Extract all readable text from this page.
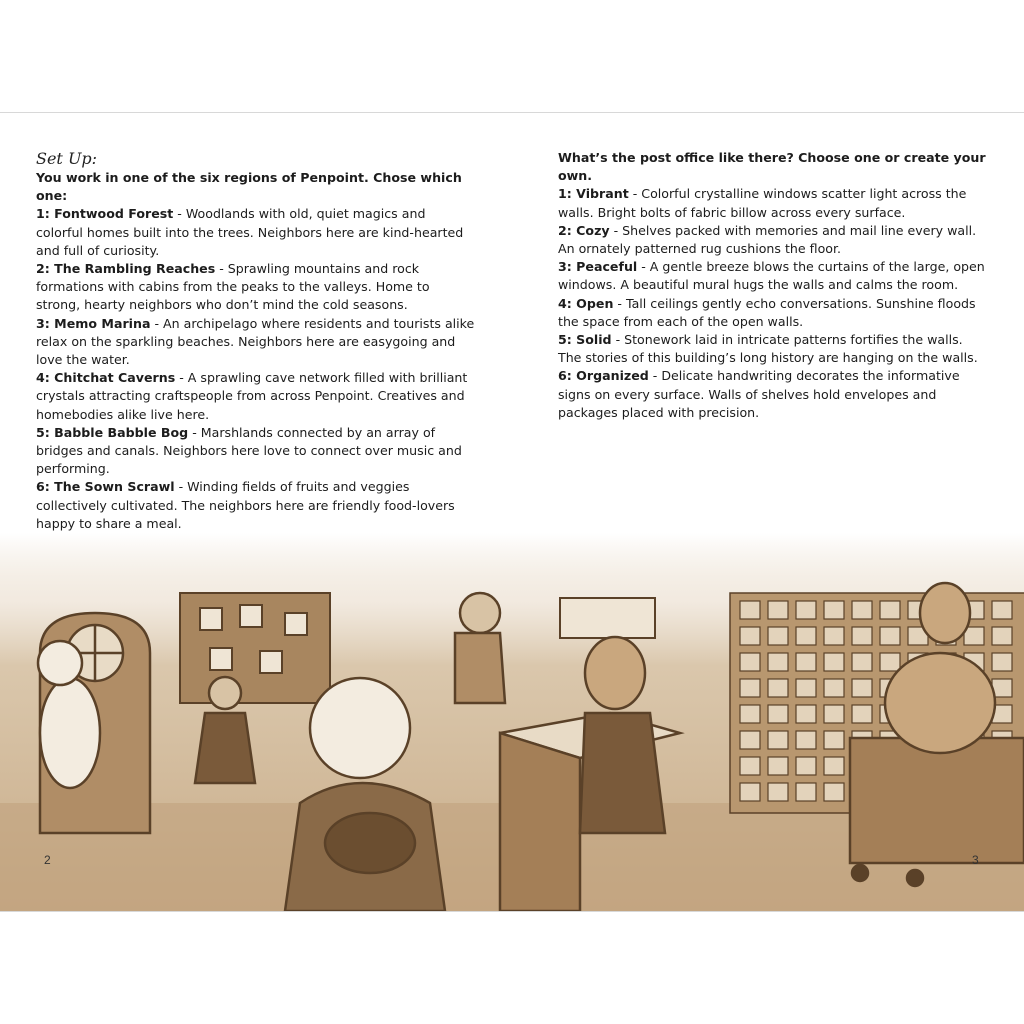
Set Up:
You work in one of the six regions of Penpoint. Chose which one:
1: Fontwood Forest - Woodlands with old, quiet magics and colorful homes built into the trees. Neighbors here are kind-hearted and full of curiosity.
2: The Rambling Reaches - Sprawling mountains and rock formations with cabins from the peaks to the valleys. Home to strong, hearty neighbors who don’t mind the cold seasons.
3: Memo Marina - An archipelago where residents and tourists alike relax on the sparkling beaches. Neighbors here are easygoing and love the water.
4: Chitchat Caverns - A sprawling cave network filled with brilliant crystals attracting craftspeople from across Penpoint. Creatives and homebodies alike live here.
5: Babble Babble Bog - Marshlands connected by an array of bridges and canals. Neighbors here love to connect over music and performing.
6: The Sown Scrawl - Winding fields of fruits and veggies collectively cultivated. The neighbors here are friendly food-lovers happy to share a meal.
What’s the post office like there? Choose one or create your own.
1: Vibrant - Colorful crystalline windows scatter light across the walls. Bright bolts of fabric billow across every surface.
2: Cozy - Shelves packed with memories and mail line every wall. An ornately patterned rug cushions the floor.
3: Peaceful - A gentle breeze blows the curtains of the large, open windows. A beautiful mural hugs the walls and calms the room.
4: Open - Tall ceilings gently echo conversations. Sunshine floods the space from each of the open walls.
5: Solid - Stonework laid in intricate patterns fortifies the walls. The stories of this building’s long history are hanging on the walls.
6: Organized - Delicate handwriting decorates the informative signs on every surface. Walls of shelves hold envelopes and packages placed with precision.
2	3
